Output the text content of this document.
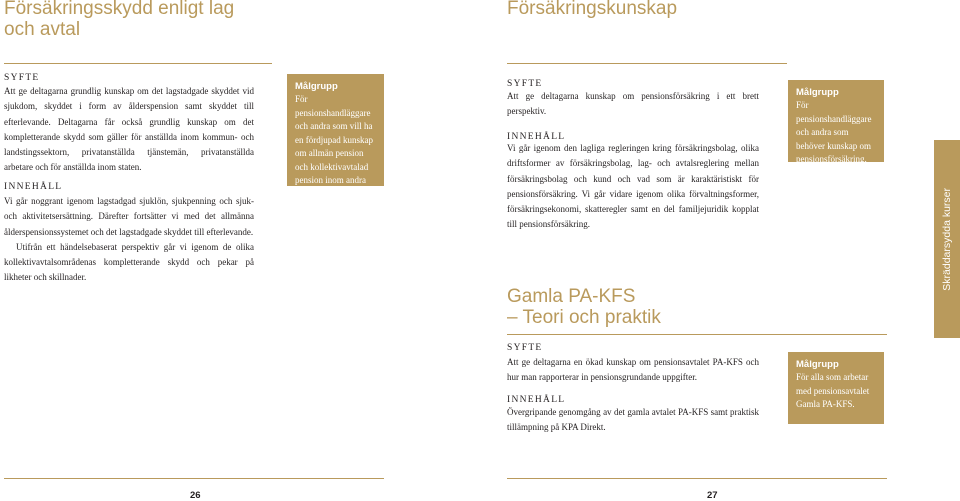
Försäkringsskydd enligt lag
och avtal
SYFTE

Att ge deltagarna grundlig kunskap om det lagstadgade skyddet vid sjukdom, skyddet i form av ålderspension samt skyddet till efterlevande. Deltagarna får också grundlig kunskap om det kompletterande skydd som gäller för anställda inom kommun- och landstingssektorn, privatanställda tjänstemän, privatanställda arbetare och för anställda inom staten.

INNEHÅLL

Vi går noggrant igenom lagstadgad sjuklön, sjukpenning och sjuk- och aktivitetsersättning. Därefter fortsätter vi med det allmänna ålderspensionssystemet och det lagstadgade skyddet till efterlevande.

Utifrån ett händelsebaserat perspektiv går vi igenom de olika kollektivavtalsområdenas kompletterande skydd och pekar på likheter och skillnader.

Målgrupp
För pensionshandläggare och andra som vill ha en fördjupad kunskap om allmän pension och kollektivavtalad pension inom andra sektorer.
26
Försäkringskunskap
SYFTE

Att ge deltagarna kunskap om pensionsförsäkring i ett brett perspektiv.

INNEHÅLL

Vi går igenom den lagliga regleringen kring försäkringsbolag, olika driftsformer av försäkringsbolag, lag- och avtalsreglering mellan försäkringsbolag och kund och vad som är karaktäristiskt för pensionsförsäkring. Vi går vidare igenom olika förvaltningsformer, försäkringsekonomi, skatteregler samt en del familjejuridik kopplat till pensionsförsäkring.

Målgrupp
För pensionshandläggare och andra som behöver kunskap om pensionsförsäkring.
Gamla PA-KFS
– Teori och praktik
SYFTE

Att ge deltagarna en ökad kunskap om pensionsavtalet PA-KFS och hur man rapporterar in pensionsgrundande uppgifter.

INNEHÅLL

Övergripande genomgång av det gamla avtalet PA-KFS samt praktisk tillämpning på KPA Direkt.

Målgrupp
För alla som arbetar med pensionsavtalet Gamla PA-KFS.
Skräddarsydda kurser
27
